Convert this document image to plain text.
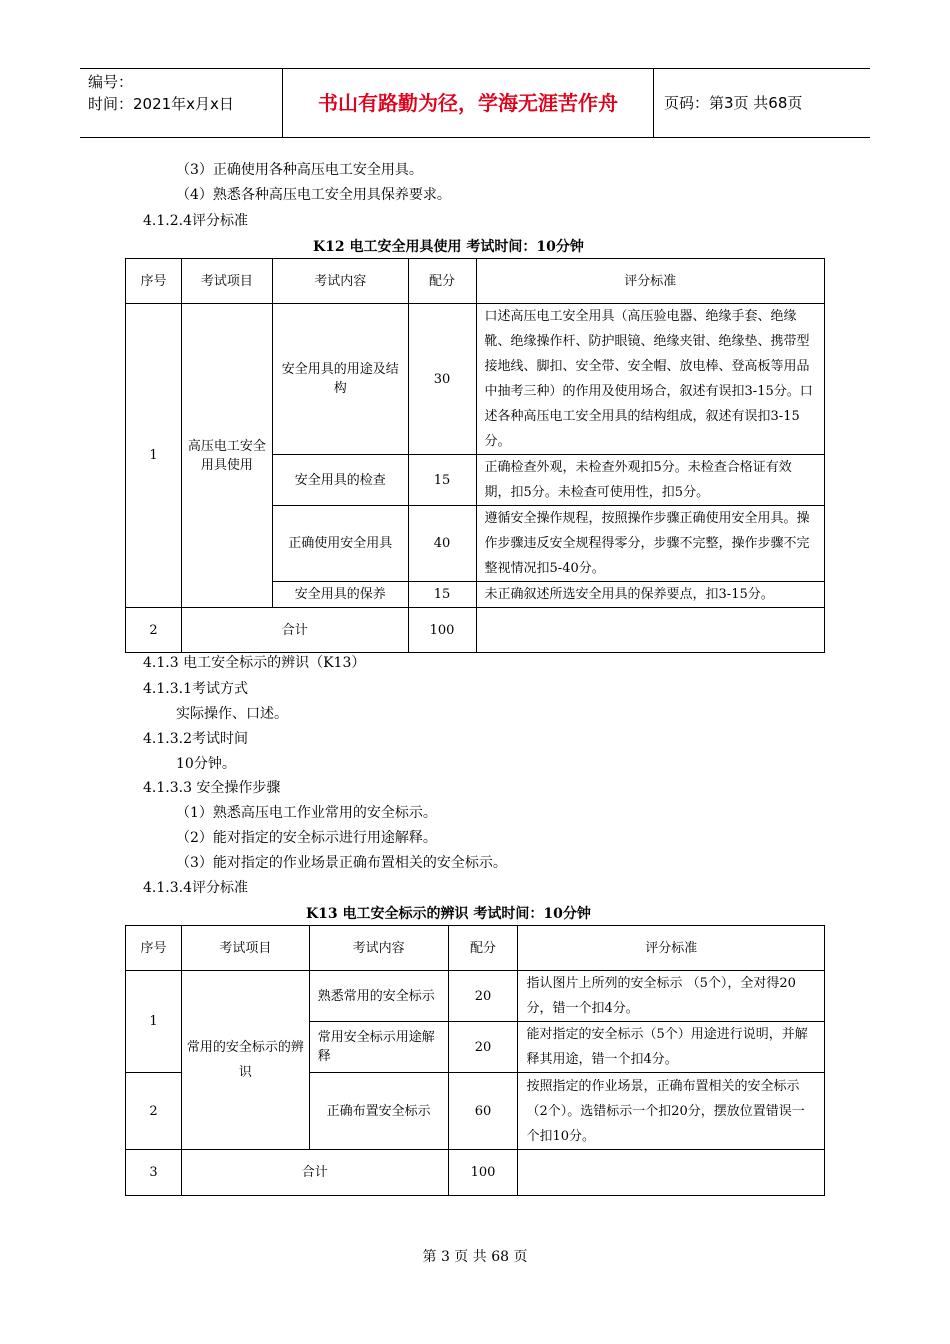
编号：
时间：2021年x月x日	书山有路勤为径，学海无涯苦作舟	页码：第3页 共68页
（3）正确使用各种高压电工安全用具。
（4）熟悉各种高压电工安全用具保养要求。
4.1.2.4评分标准
K12 电工安全用具使用 考试时间：10分钟
序号	考试项目	考试内容	配分	评分标准
1	高压电工安全用具使用	安全用具的用途及结构	30	口述高压电工安全用具（高压验电器、绝缘手套、绝缘靴、绝缘操作杆、防护眼镜、绝缘夹钳、绝缘垫、携带型接地线、脚扣、安全带、安全帽、放电棒、登高板等用品中抽考三种）的作用及使用场合，叙述有误扣3-15分。口述各种高压电工安全用具的结构组成，叙述有误扣3-15分。
		安全用具的检查	15	正确检查外观，未检查外观扣5分。未检查合格证有效期，扣5分。未检查可使用性，扣5分。
		正确使用安全用具	40	遵循安全操作规程，按照操作步骤正确使用安全用具。操作步骤违反安全规程得零分，步骤不完整，操作步骤不完整视情况扣5-40分。
		安全用具的保养	15	未正确叙述所选安全用具的保养要点，扣3-15分。
2	合计		100	
4.1.3 电工安全标示的辨识（K13）
4.1.3.1考试方式
实际操作、口述。
4.1.3.2考试时间
10分钟。
4.1.3.3 安全操作步骤
（1）熟悉高压电工作业常用的安全标示。
（2）能对指定的安全标示进行用途解释。
（3）能对指定的作业场景正确布置相关的安全标示。
4.1.3.4评分标准
K13 电工安全标示的辨识 考试时间：10分钟
序号	考试项目	考试内容	配分	评分标准
1	常用的安全标示的辨识	熟悉常用的安全标示	20	指认图片上所列的安全标示 （5个），全对得20分，错一个扣4分。
		常用安全标示用途解释	20	能对指定的安全标示（5个）用途进行说明，并解释其用途，错一个扣4分。
2		正确布置安全标示	60	按照指定的作业场景，正确布置相关的安全标示（2个）。选错标示一个扣20分，摆放位置错误一个扣10分。
3	合计		100	
第 3 页 共 68 页
